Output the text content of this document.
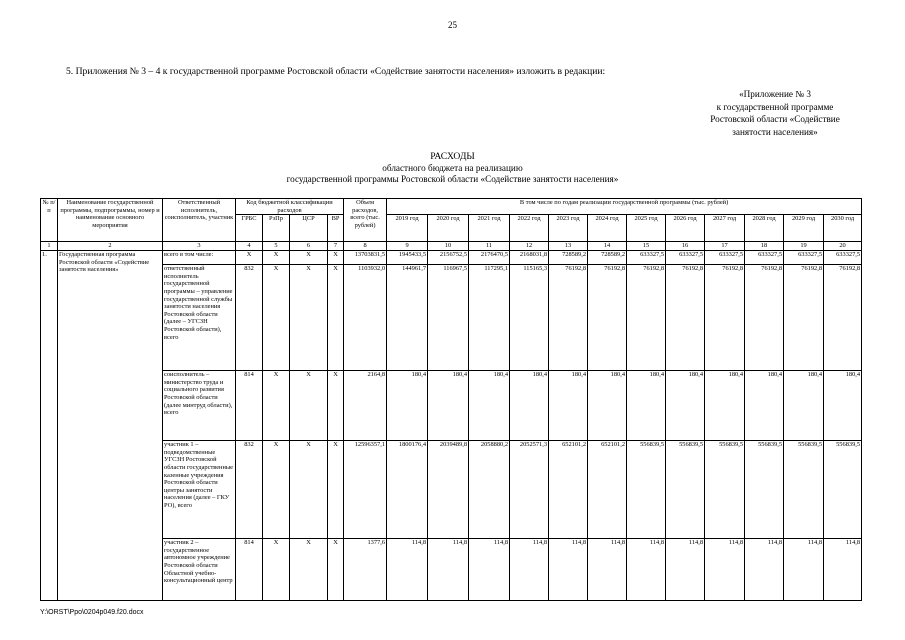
25
5. Приложения № 3 – 4 к государственной программе Ростовской области «Содействие занятости населения» изложить в редакции:
«Приложение № 3
к государственной программе
Ростовской области «Содействие
занятости населения»
РАСХОДЫ
областного бюджета на реализацию
государственной программы Ростовской области «Содействие занятости населения»
№ п/п	Наименование государственной программы, подпрограммы, номер и наименование основного мероприятия	Ответственный исполнитель, соисполнитель, участник	Код бюджетной классификации расходов				Объем расходов, всего (тыс. рублей)	В том числе по годам реализации государственной программы (тыс. рублей)											
			ГРБС	РзПр	ЦСР	ВР		2019 год	2020 год	2021 год	2022 год	2023 год	2024 год	2025 год	2026 год	2027 год	2028 год	2029 год	2030 год
1	2	3	4	5	6	7	8	9	10	11	12	13	14	15	16	17	18	19	20
1.	Государственная программа Ростовской области «Содействие занятости населения»	всего в том числе:	X	X	X	X	13703831,5	1945433,5	2156752,5	2176470,5	2168031,8	728589,2	728589,2	633327,5	633327,5	633327,5	633327,5	633327,5	633327,5
		ответственный исполнитель государственной программы – управление государственной службы занятости населения Ростовской области (далее – УГСЗН Ростовской области), всего	832	X	X	X	1103932,0	144961,7	116967,5	117295,1	115165,3	76192,8	76192,8	76192,8	76192,8	76192,8	76192,8	76192,8	76192,8
		соисполнитель – министерство труда и социального развития Ростовской области (далее минтруд области), всего	814	X	X	X	2164,8	180,4	180,4	180,4	180,4	180,4	180,4	180,4	180,4	180,4	180,4	180,4	180,4
		участник 1 – подведомственные УГСЗН Ростовской области государственные казенные учреждения Ростовской области центры занятости населения (далее – ГКУ РО), всего	832	X	X	X	12596357,1	1800176,4	2039489,8	2058880,2	2052571,3	652101,2	652101,2	556839,5	556839,5	556839,5	556839,5	556839,5	556839,5
		участник 2 – государственное автономное учреждение Ростовской области Областной учебно-консультационный центр	814	X	X	X	1377,6	114,8	114,8	114,8	114,8	114,8	114,8	114,8	114,8	114,8	114,8	114,8	114,8
Y:\ORST\Ppo\0204p049.f20.docx
